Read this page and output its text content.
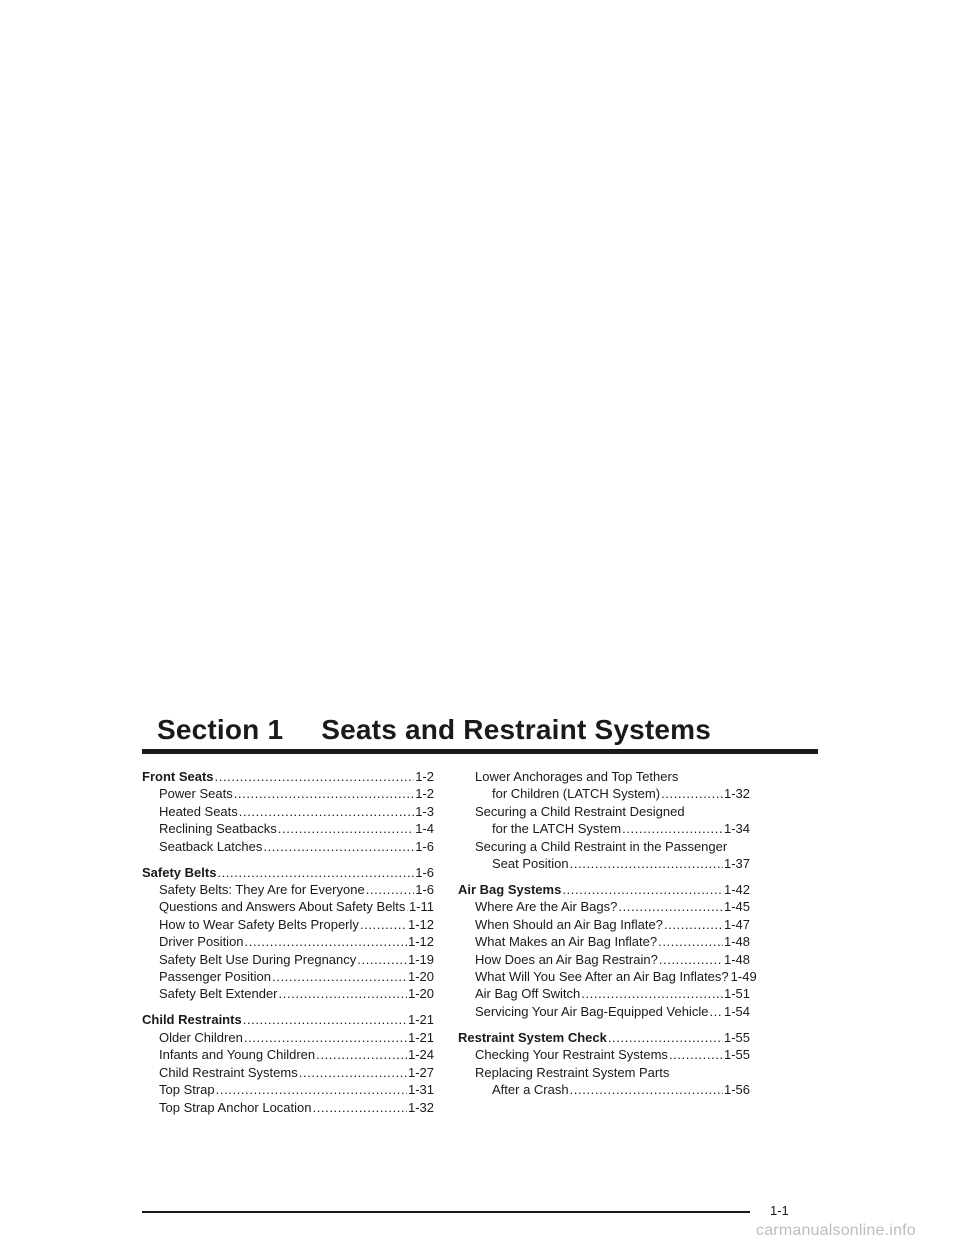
Section 1 Seats and Restraint Systems
Front Seats .....	1-2
Power Seats .....	1-2
Heated Seats .....	1-3
Reclining Seatbacks .....	1-4
Seatback Latches .....	1-6
Safety Belts .....	1-6
Safety Belts: They Are for Everyone .....	1-6
Questions and Answers About Safety Belts ..... 1-11
How to Wear Safety Belts Properly .....	1-12
Driver Position .....	1-12
Safety Belt Use During Pregnancy .....	1-19
Passenger Position .....	1-20
Safety Belt Extender .....	1-20
Child Restraints .....	1-21
Older Children .....	1-21
Infants and Young Children .....	1-24
Child Restraint Systems .....	1-27
Top Strap .....	1-31
Top Strap Anchor Location .....	1-32
Lower Anchorages and Top Tethers
for Children (LATCH System) .....	1-32
Securing a Child Restraint Designed
for the LATCH System .....	1-34
Securing a Child Restraint in the Passenger
Seat Position .....	1-37
Air Bag Systems .....	1-42
Where Are the Air Bags? .....	1-45
When Should an Air Bag Inflate? .....	1-47
What Makes an Air Bag Inflate? .....	1-48
How Does an Air Bag Restrain? .....	1-48
What Will You See After an Air Bag Inflates? 1-49
Air Bag Off Switch .....	1-51
Servicing Your Air Bag-Equipped Vehicle ..... 1-54
Restraint System Check .....	1-55
Checking Your Restraint Systems .....	1-55
Replacing Restraint System Parts
After a Crash .....	1-56
1-1
carmanualsonline.info
